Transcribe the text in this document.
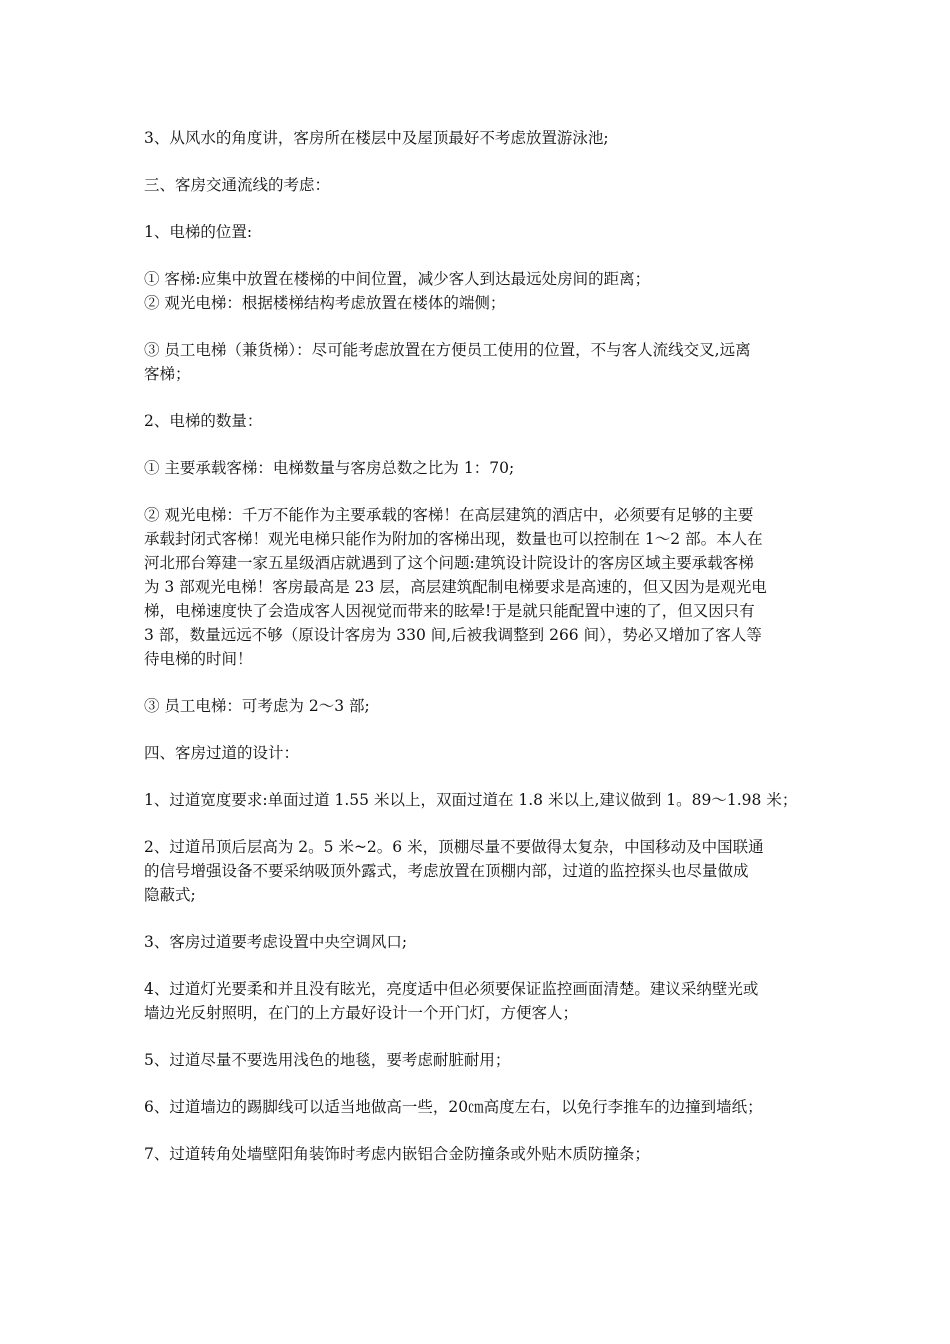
3、从风水的角度讲，客房所在楼层中及屋顶最好不考虑放置游泳池;

三、客房交通流线的考虑：

1、电梯的位置:

① 客梯:应集中放置在楼梯的中间位置，减少客人到达最远处房间的距离；
② 观光电梯：根据楼梯结构考虑放置在楼体的端侧；

③ 员工电梯（兼货梯）：尽可能考虑放置在方便员工使用的位置，不与客人流线交叉,远离
客梯；

2、电梯的数量：

① 主要承载客梯：电梯数量与客房总数之比为 1：70;

② 观光电梯：千万不能作为主要承载的客梯！在高层建筑的酒店中，必须要有足够的主要
承载封闭式客梯！观光电梯只能作为附加的客梯出现，数量也可以控制在 1～2 部。本人在
河北邢台筹建一家五星级酒店就遇到了这个问题:建筑设计院设计的客房区域主要承载客梯
为 3 部观光电梯！客房最高是 23 层，高层建筑配制电梯要求是高速的，但又因为是观光电
梯，电梯速度快了会造成客人因视觉而带来的眩晕!于是就只能配置中速的了，但又因只有
3 部，数量远远不够（原设计客房为 330 间,后被我调整到 266 间），势必又增加了客人等
待电梯的时间！

③ 员工电梯：可考虑为 2～3 部;

四、客房过道的设计：

1、过道宽度要求:单面过道 1.55 米以上，双面过道在 1.8 米以上,建议做到 1。89～1.98 米；

2、过道吊顶后层高为 2。5 米~2。6 米，顶棚尽量不要做得太复杂，中国移动及中国联通
的信号增强设备不要采纳吸顶外露式，考虑放置在顶棚内部，过道的监控探头也尽量做成
隐蔽式;

3、客房过道要考虑设置中央空调风口;

4、过道灯光要柔和并且没有眩光，亮度适中但必须要保证监控画面清楚。建议采纳壁光或
墙边光反射照明，在门的上方最好设计一个开门灯，方便客人；

5、过道尽量不要选用浅色的地毯，要考虑耐脏耐用；

6、过道墙边的踢脚线可以适当地做高一些，20㎝高度左右，以免行李推车的边撞到墙纸；

7、过道转角处墙壁阳角装饰时考虑内嵌铝合金防撞条或外贴木质防撞条；
